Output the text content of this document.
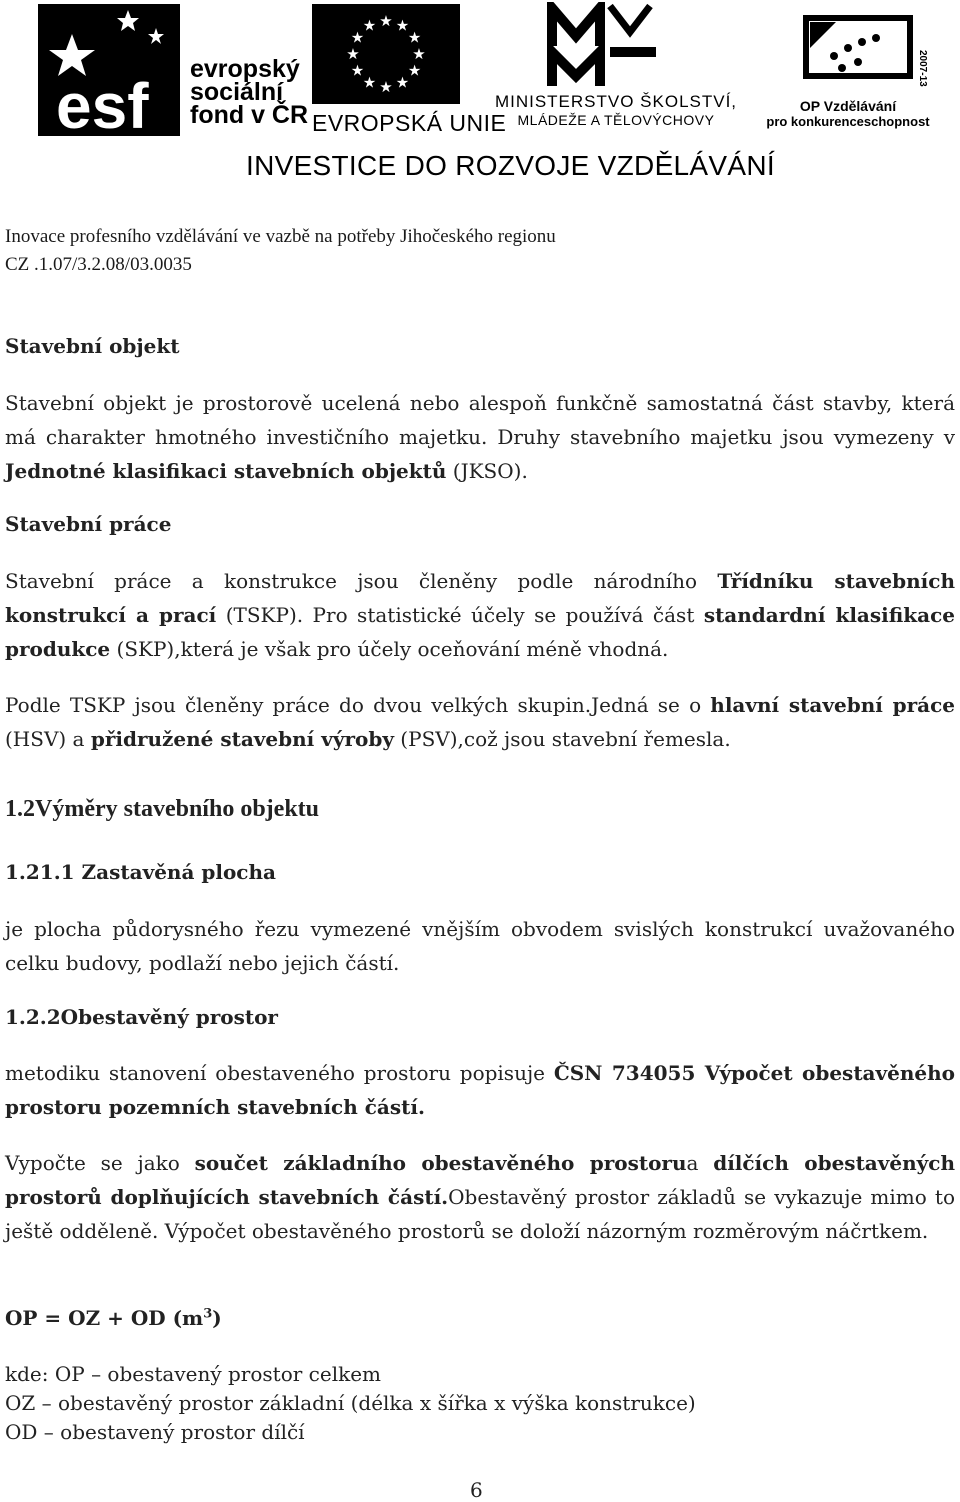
esf
evropský
sociální
fond v ČR
★ ★
★
★
★
★
★
★
★
★
★
★
EVROPSKÁ UNIE
MINISTERSTVO ŠKOLSTVÍ,
MLÁDEŽE A TĚLOVÝCHOVY
2007-13
OP Vzdělávání
pro konkurenceschopnost
INVESTICE DO ROZVOJE VZDĚLÁVÁNÍ
Inovace profesního vzdělávání ve vazbě na potřeby Jihočeského regionu
CZ .1.07/3.2.08/03.0035
Stavební objekt
Stavební objekt je prostorově ucelená nebo alespoň funkčně samostatná část stavby, která má charakter hmotného investičního majetku. Druhy stavebního majetku jsou vymezeny v Jednotné klasifikaci stavebních objektů (JKSO).
Stavební práce
Stavební práce a konstrukce jsou členěny podle národního Třídníku stavebních konstrukcí a prací (TSKP). Pro statistické účely se používá část standardní klasifikace produkce (SKP),která je však pro účely oceňování méně vhodná.
Podle TSKP jsou členěny práce do dvou velkých skupin.Jedná se o hlavní stavební práce (HSV) a přidružené stavební výroby (PSV),což jsou stavební řemesla.
1.2Výměry stavebního objektu
1.21.1 Zastavěná plocha
je plocha půdorysného řezu vymezené vnějším obvodem svislých konstrukcí uvažovaného celku budovy, podlaží nebo jejich částí.
1.2.2Obestavěný prostor
metodiku stanovení obestaveného prostoru popisuje ČSN 734055 Výpočet obestavěného prostoru pozemních stavebních částí.
Vypočte se jako součet základního obestavěného prostorua dílčích obestavěných prostorů doplňujících stavebních částí.Obestavěný prostor základů se vykazuje mimo to ještě odděleně. Výpočet obestavěného prostorů se doloží názorným rozměrovým náčrtkem.
OP = OZ + OD $(m^3)$
kde: OP – obestavený prostor celkem
OZ – obestavěný prostor základní (délka x šířka x výška konstrukce)
OD – obestavený prostor dílčí
6
